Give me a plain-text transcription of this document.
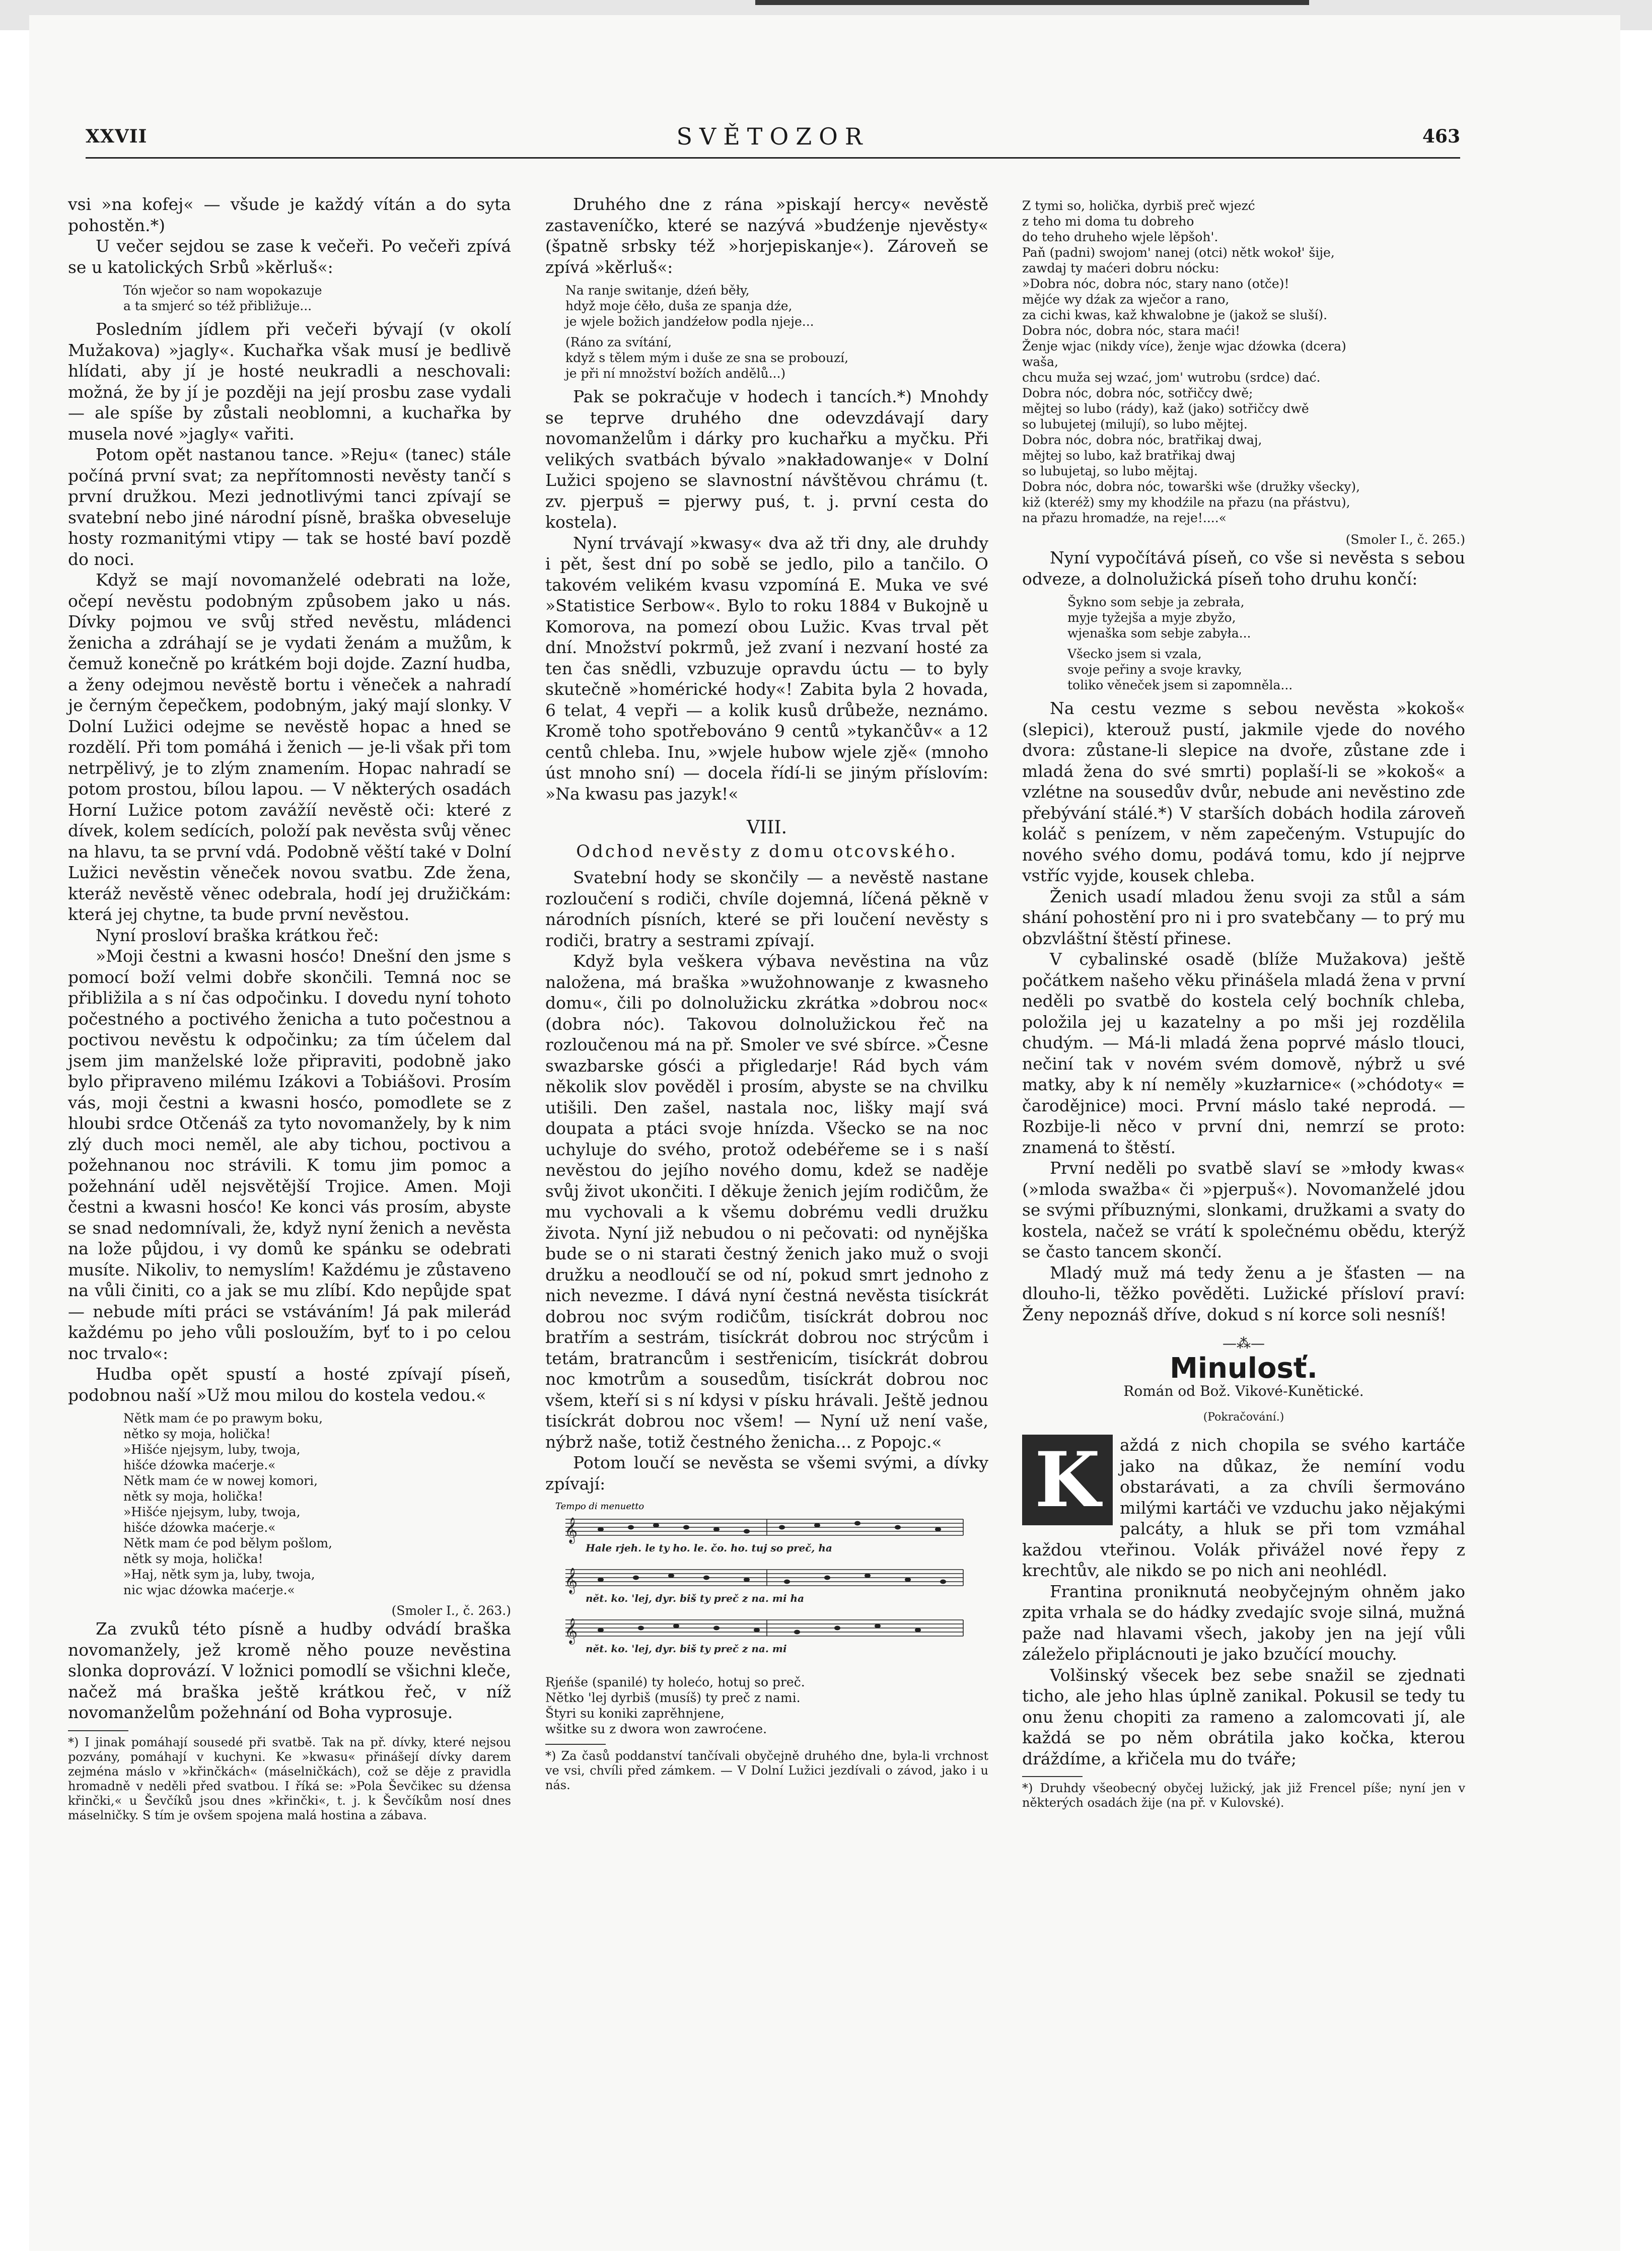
XXVII	SVĚTOZOR	463

vsi »na kofej« — všude je každý vítán a do syta pohostěn.*)

U večer sejdou se zase k večeři. Po večeři zpívá se u katolických Srbů »kěrluš«:

Tón wječor so nam wopokazuje
a ta smjerć so též přibližuje...

Posledním jídlem při večeři bývají (v okolí Mužakova) »jagly«. Kuchařka však musí je bedlivě hlídati, aby jí je hosté neukradli a neschovali: možná, že by jí je později na její prosbu zase vydali — ale spíše by zůstali neoblomni, a kuchařka by musela nové »jagly« vařiti.

Potom opět nastanou tance. »Reju« (tanec) stále počíná první svat; za nepřítomnosti nevěsty tančí s první družkou. Mezi jednotlivými tanci zpívají se svatební nebo jiné národní písně, braška obveseluje hosty rozmanitými vtipy — tak se hosté baví pozdě do noci.

Když se mají novomanželé odebrati na lože, očepí nevěstu podobným způsobem jako u nás. Dívky pojmou ve svůj střed nevěstu, mládenci ženicha a zdráhají se je vydati ženám a mužům, k čemuž konečně po krátkém boji dojde. Zazní hudba, a ženy odejmou nevěstě bortu i věneček a nahradí je černým čepečkem, podobným, jaký mají slonky. V Dolní Lužici odejme se nevěstě hopac a hned se rozdělí. Při tom pomáhá i ženich — je-li však při tom netrpělivý, je to zlým znamením. Hopac nahradí se potom prostou, bílou lapou. — V některých osadách Horní Lužice potom zavážíí nevěstě oči: které z dívek, kolem sedících, položí pak nevěsta svůj věnec na hlavu, ta se první vdá. Podobně věští také v Dolní Lužici nevěstin věneček novou svatbu. Zde žena, kteráž nevěstě věnec odebrala, hodí jej družičkám: která jej chytne, ta bude první nevěstou.

Nyní prosloví braška krátkou řeč:

»Moji čestni a kwasni hosćo! Dnešní den jsme s pomocí boží velmi dobře skončili. Temná noc se přibližila a s ní čas odpočinku. I dovedu nyní tohoto počestného a poctivého ženicha a tuto počestnou a poctivou nevěstu k odpočinku; za tím účelem dal jsem jim manželské lože připraviti, podobně jako bylo připraveno milému Izákovi a Tobiášovi. Prosím vás, moji čestni a kwasni hosćo, pomodlete se z hloubi srdce Otčenáš za tyto novomanžely, by k nim zlý duch moci neměl, ale aby tichou, poctivou a požehnanou noc strávili. K tomu jim pomoc a požehnání uděl nejsvětější Trojice. Amen. Moji čestni a kwasni hosćo! Ke konci vás prosím, abyste se snad nedomnívali, že, když nyní ženich a nevěsta na lože půjdou, i vy domů ke spánku se odebrati musíte. Nikoliv, to nemyslím! Každému je zůstaveno na vůli činiti, co a jak se mu zlíbí. Kdo nepůjde spat — nebude míti práci se vstáváním! Já pak milerád každému po jeho vůli posloužím, byť to i po celou noc trvalo«:

Hudba opět spustí a hosté zpívají píseň, podobnou naší »Už mou milou do kostela vedou.«

Nětk mam će po prawym boku,
nětko sy moja, holička!
»Hišće njejsym, luby, twoja,
hišće dźowka maćerje.«
Nětk mam će w nowej komori,
nětk sy moja, holička!
»Hišće njejsym, luby, twoja,
hišće dźowka maćerje.«
Nětk mam će pod bělym pošlom,
nětk sy moja, holička!
»Haj, nětk sym ja, luby, twoja,
nic wjac dźowka maćerje.«
(Smoler I., č. 263.)

Za zvuků této písně a hudby odvádí braška novomanžely, jež kromě něho pouze nevěstina slonka doprovází. V ložnici pomodlí se všichni kleče, načež má braška ještě krátkou řeč, v níž novomanželům požehnání od Boha vyprosuje.

*) I jinak pomáhají sousedé při svatbě. Tak na př. dívky, které nejsou pozvány, pomáhají v kuchyni. Ke »kwasu« přinášejí dívky darem zejména máslo v »křinčkách« (máselničkách), což se děje z pravidla hromadně v neděli před svatbou. I říká se: »Pola Ševčikec su dźensa křinčki,« u Ševčíků jsou dnes »křinčki«, t. j. k Ševčíkům nosí dnes máselničky. S tím je ovšem spojena malá hostina a zábava.

Druhého dne z rána »piskají hercy« nevěstě zastaveníčko, které se nazývá »budźenje njevěsty« (špatně srbsky též »horjepiskanje«). Zároveň se zpívá »kěrluš«:

Na ranje switanje, dźeń běły,
hdyž moje ćěło, duša ze spanja dźe,
je wjele božich jandźełow podla njeje...
(Ráno za svítání,
když s tělem mým i duše ze sna se probouzí,
je při ní množství božích andělů...)

Pak se pokračuje v hodech i tancích.*) Mnohdy se teprve druhého dne odevzdávají dary novomanželům i dárky pro kuchařku a myčku. Při velikých svatbách bývalo »nakładowanje« v Dolní Lužici spojeno se slavnostní návštěvou chrámu (t. zv. pjerpuš = pjerwy puś, t. j. první cesta do kostela).

Nyní trvávají »kwasy« dva až tři dny, ale druhdy i pět, šest dní po sobě se jedlo, pilo a tančilo. O takovém velikém kvasu vzpomíná E. Muka ve své »Statistice Serbow«. Bylo to roku 1884 v Bukojně u Komorova, na pomezí obou Lužic. Kvas trval pět dní. Množství pokrmů, jež zvaní i nezvaní hosté za ten čas snědli, vzbuzuje opravdu úctu — to byly skutečně »homérické hody«! Zabita byla 2 hovada, 6 telat, 4 vepři — a kolik kusů drůbeže, neznámo. Kromě toho spotřebováno 9 centů »tykančův« a 12 centů chleba. Inu, »wjele hubow wjele zjě« (mnoho úst mnoho sní) — docela řídí-li se jiným příslovím: »Na kwasu pas jazyk!«

VIII.
Odchod nevěsty z domu otcovského.

Svatební hody se skončily — a nevěstě nastane rozloučení s rodiči, chvíle dojemná, líčená pěkně v národních písních, které se při loučení nevěsty s rodiči, bratry a sestrami zpívají.

Když byla veškera výbava nevěstina na vůz naložena, má braška »wužohnowanje z kwasneho domu«, čili po dolnolužicku zkrátka »dobrou noc« (dobra nóc). Takovou dolnolužickou řeč na rozloučenou má na př. Smoler ve své sbírce. »Česne swazbarske gósći a přigledarje! Rád bych vám několik slov pověděl i prosím, abyste se na chvilku utišili. Den zašel, nastala noc, lišky mají svá doupata a ptáci svoje hnízda. Všecko se na noc uchyluje do svého, protož odebéřeme se i s naší nevěstou do jejího nového domu, kdež se naděje svůj život ukončiti. I děkuje ženich jejím rodičům, že mu vychovali a k všemu dobrému vedli družku života. Nyní již nebudou o ni pečovati: od nynějška bude se o ni starati čestný ženich jako muž o svoji družku a neodloučí se od ní, pokud smrt jednoho z nich nevezme. I dává nyní čestná nevěsta tisíckrát dobrou noc svým rodičům, tisíckrát dobrou noc bratřím a sestrám, tisíckrát dobrou noc strýcům i tetám, bratrancům i sestřenicím, tisíckrát dobrou noc kmotrům a sousedům, tisíckrát dobrou noc všem, kteří si s ní kdysi v písku hrávali. Ještě jednou tisíckrát dobrou noc všem! — Nyní už není vaše, nýbrž naše, totiž čestného ženicha... z Popojc.«

Potom loučí se nevěsta se všemi svými, a dívky zpívají:

Tempo di menuetto
𝄞
𝄞
𝄞
Hale rjeh. le ty ho. le. čo. ho. tuj so preč, ha
nět. ko. 'lej, dyr. biš ty preč z na. mi ha
nět. ko. 'lej, dyr. biš ty preč z na. mi
Rjeńše (spanilé) ty holećo, hotuj so preč.
Nětko 'lej dyrbiš (musíš) ty preč z nami.
Štyri su koniki zaprěhnjene,
wšitke su z dwora won zawroćene.
*) Za časů poddanství tančívali obyčejně druhého dne, byla-li vrchnost ve vsi, chvíli před zámkem. — V Dolní Lužici jezdívali o závod, jako i u nás.
Z tymi so, holička, dyrbiš preč wjezć
z teho mi doma tu dobreho
do teho druheho wjele lěpšoh'.
Paň (padni) swojom' nanej (otci) nětk wokoł' šije,
zawdaj ty maćeri dobru nócku:
»Dobra nóc, dobra nóc, stary nano (otče)!
mějće wy dźak za wječor a rano,
za cichi kwas, kaž khwalobne je (jakož se sluší).
Dobra nóc, dobra nóc, stara maći!
Ženje wjac (nikdy více), ženje wjac dźowka (dcera)
waša,
chcu muža sej wzać, jom' wutrobu (srdce) dać.
Dobra nóc, dobra nóc, sotřičcy dwě;
mějtej so lubo (rády), kaž (jako) sotřičcy dwě
so lubujetej (milují), so lubo mějtej.
Dobra nóc, dobra nóc, bratřikaj dwaj,
mějtej so lubo, kaž bratřikaj dwaj
so lubujetaj, so lubo mějtaj.
Dobra nóc, dobra nóc, towarški wše (družky všecky),
kiž (kteréž) smy my khodźile na přazu (na přástvu),
na přazu hromadźe, na reje!....«
(Smoler I., č. 265.)

Nyní vypočítává píseň, co vše si nevěsta s sebou odveze, a dolnolužická píseň toho druhu končí:

Šykno som sebje ja zebrała,
myje tyžejša a myje zbyžo,
wjenaška som sebje zabyła...
Všecko jsem si vzala,
svoje peřiny a svoje kravky,
toliko věneček jsem si zapomněla...

Na cestu vezme s sebou nevěsta »kokoš« (slepici), kterouž pustí, jakmile vjede do nového dvora: zůstane-li slepice na dvoře, zůstane zde i mladá žena do své smrti) poplaší-li se »kokoš« a vzlétne na sousedův dvůr, nebude ani nevěstino zde přebývání stálé.*) V starších dobách hodila zároveň koláč s penízem, v něm zapečeným. Vstupujíc do nového svého domu, podává tomu, kdo jí nejprve vstříc vyjde, kousek chleba.

Ženich usadí mladou ženu svoji za stůl a sám shání pohostění pro ni i pro svatebčany — to prý mu obzvláštní štěstí přinese.

V cybalinské osadě (blíže Mužakova) ještě počátkem našeho věku přinášela mladá žena v první neděli po svatbě do kostela celý bochník chleba, položila jej u kazatelny a po mši jej rozdělila chudým. — Má-li mladá žena poprvé máslo tlouci, nečiní tak v novém svém domově, nýbrž u své matky, aby k ní neměly »kuzłarnice« (»chódoty« = čarodějnice) moci. První máslo také neprodá. — Rozbije-li něco v první dni, nemrzí se proto: znamená to štěstí.

První neděli po svatbě slaví se »młody kwas« (»mloda swažba« či »pjerpuš«). Novomanželé jdou se svými příbuznými, slonkami, družkami a svaty do kostela, načež se vrátí k společnému obědu, kterýž se často tancem skončí.

Mladý muž má tedy ženu a je šťasten — na dlouho-li, těžko pověděti. Lužické přísloví praví: Ženy nepoznáš dříve, dokud s ní korce soli nesníš!

—⁂—
Minulosť.
Román od Bož. Vikové-Kunětické.
(Pokračování.)
K	aždá z nich chopila se svého kartáče jako na důkaz, že nemíní vodu obstarávati, a za chvíli šermováno milými kartáči ve vzduchu jako nějakými palcáty, a hluk se při tom vzmáhal každou vteřinou. Volák přivážel nové řepy z krechtův, ale nikdo se po nich ani neohlédl.

Frantina proniknutá neobyčejným ohněm jako zpita vrhala se do hádky zvedajíc svoje silná, mužná paže nad hlavami všech, jakoby jen na její vůli záleželo připlácnouti je jako bzučící mouchy.

Volšinský všecek bez sebe snažil se zjednati ticho, ale jeho hlas úplně zanikal. Pokusil se tedy tu onu ženu chopiti za rameno a zalomcovati jí, ale každá se po něm obrátila jako kočka, kterou dráždíme, a křičela mu do tváře;

*) Druhdy všeobecný obyčej lužický, jak již Frencel píše; nyní jen v některých osadách žije (na př. v Kulovské).
